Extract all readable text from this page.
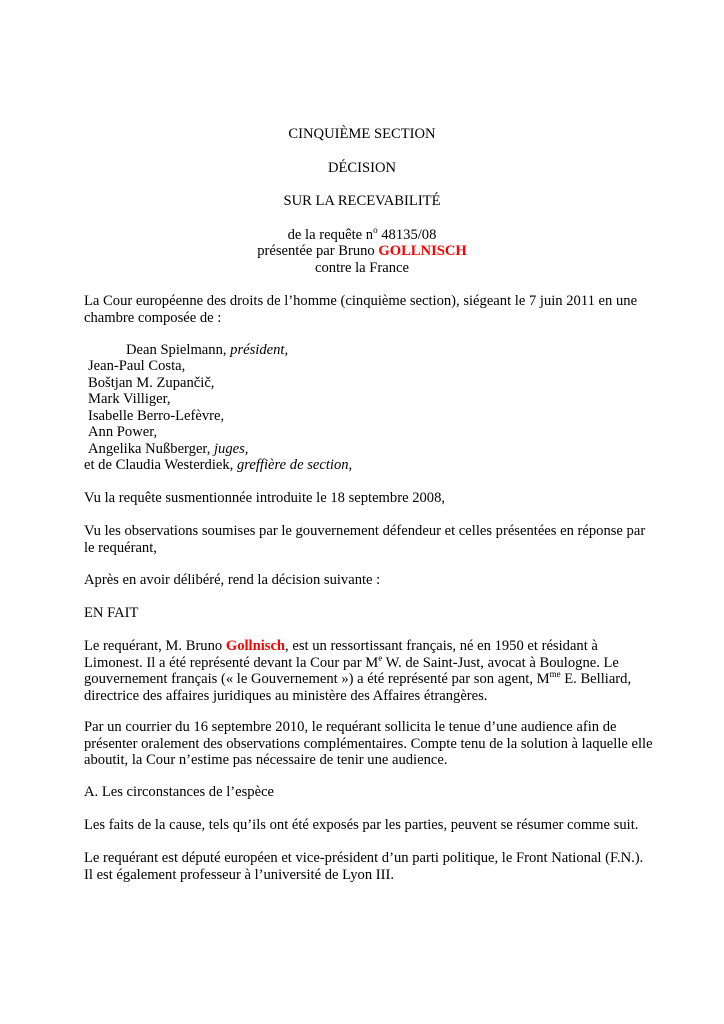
CINQUIÈME SECTION
DÉCISION
SUR LA RECEVABILITÉ
de la requête $n^o$ 48135/08
présentée par Bruno GOLLNISCH
contre la France
La Cour européenne des droits de l’homme (cinquième section), siégeant le 7 juin 2011 en une
chambre composée de :
Dean Spielmann, président,
Jean-Paul Costa,
Boštjan M. Zupančič,
Mark Villiger,
Isabelle Berro-Lefèvre,
Ann Power,
Angelika Nußberger, juges,
et de Claudia Westerdiek, greffière de section,
Vu la requête susmentionnée introduite le 18 septembre 2008,
Vu les observations soumises par le gouvernement défendeur et celles présentées en réponse par
le requérant,
Après en avoir délibéré, rend la décision suivante :
EN FAIT
Le requérant, M. Bruno Gollnisch, est un ressortissant français, né en 1950 et résidant à
Limonest. Il a été représenté devant la Cour par Me W. de Saint-Just, avocat à Boulogne. Le
gouvernement français (« le Gouvernement ») a été représenté par son agent, $M^{me}$ E. Belliard,
directrice des affaires juridiques au ministère des Affaires étrangères.
Par un courrier du 16 septembre 2010, le requérant sollicita le tenue d’une audience afin de
présenter oralement des observations complémentaires. Compte tenu de la solution à laquelle elle
aboutit, la Cour n’estime pas nécessaire de tenir une audience.
A. Les circonstances de l’espèce
Les faits de la cause, tels qu’ils ont été exposés par les parties, peuvent se résumer comme suit.
Le requérant est député européen et vice-président d’un parti politique, le Front National (F.N.).
Il est également professeur à l’université de Lyon III.
